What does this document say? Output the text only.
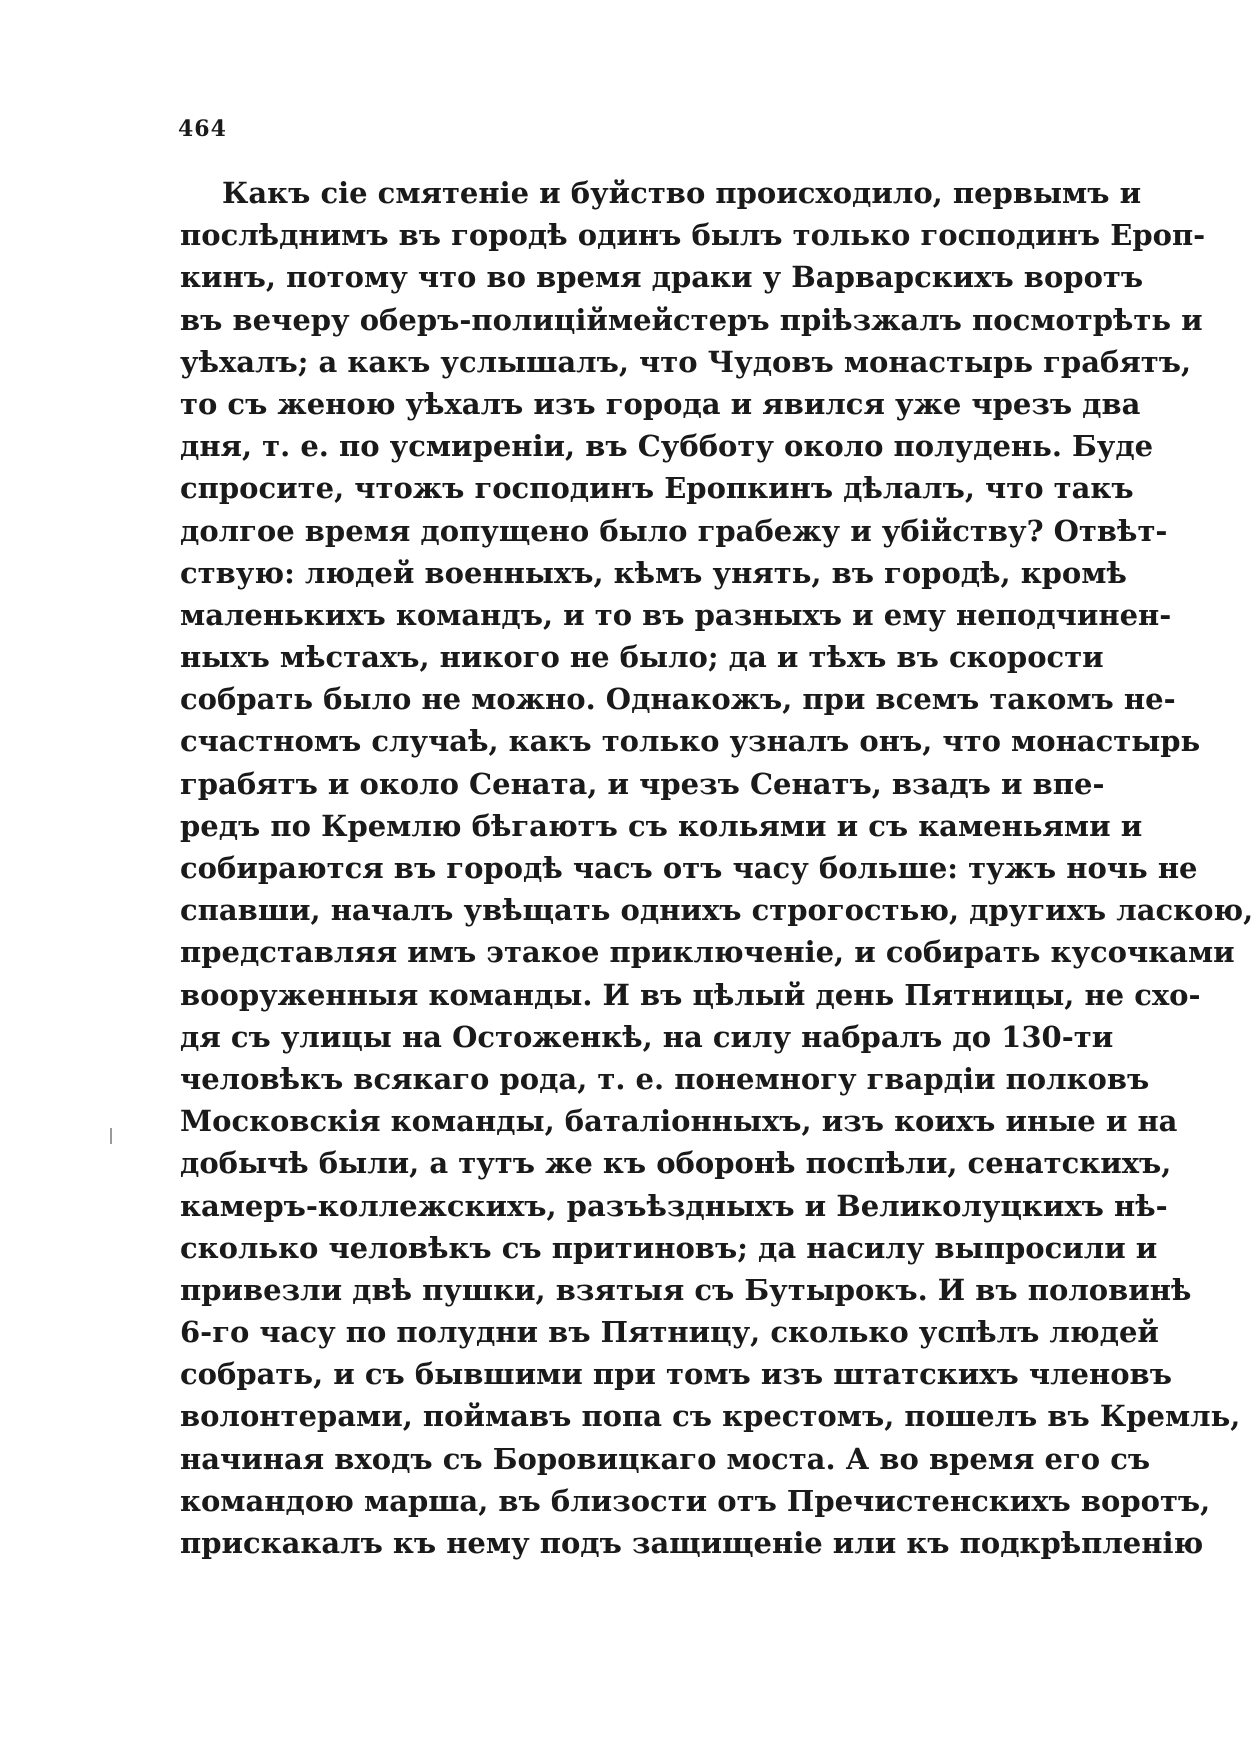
464
Какъ сіе смятеніе и буйство происходило, первымъ и
послѣднимъ въ городѣ одинъ былъ только господинъ Ероп-
кинъ, потому что во время драки у Варварскихъ воротъ
въ вечеру оберъ-полиціймейстеръ пріѣзжалъ посмотрѣть и
уѣхалъ; а какъ услышалъ, что Чудовъ монастырь грабятъ,
то съ женою уѣхалъ изъ города и явился уже чрезъ два
дня, т. е. по усмиреніи, въ Субботу около полудень. Буде
спросите, чтожъ господинъ Еропкинъ дѣлалъ, что такъ
долгое время допущено было грабежу и убійству? Отвѣт-
ствую: людей военныхъ, кѣмъ унять, въ городѣ, кромѣ
маленькихъ командъ, и то въ разныхъ и ему неподчинен-
ныхъ мѣстахъ, никого не было; да и тѣхъ въ скорости
собрать было не можно. Однакожъ, при всемъ такомъ не-
счастномъ случаѣ, какъ только узналъ онъ, что монастырь
грабятъ и около Сената, и чрезъ Сенатъ, взадъ и впе-
редъ по Кремлю бѣгаютъ съ кольями и съ каменьями и
собираются въ городѣ часъ отъ часу больше: тужъ ночь не
спавши, началъ увѣщать однихъ строгостью, другихъ ласкою,
представляя имъ этакое приключеніе, и собирать кусочками
вооруженныя команды. И въ цѣлый день Пятницы, не схо-
дя съ улицы на Остоженкѣ, на силу набралъ до 130-ти
человѣкъ всякаго рода, т. е. понемногу гвардіи полковъ
Московскія команды, баталіонныхъ, изъ коихъ иные и на
добычѣ были, а тутъ же къ оборонѣ поспѣли, сенатскихъ,
камеръ-коллежскихъ, разъѣздныхъ и Великолуцкихъ нѣ-
сколько человѣкъ съ притиновъ; да насилу выпросили и
привезли двѣ пушки, взятыя съ Бутырокъ. И въ половинѣ
6-го часу по полудни въ Пятницу, сколько успѣлъ людей
собрать, и съ бывшими при томъ изъ штатскихъ членовъ
волонтерами, поймавъ попа съ крестомъ, пошелъ въ Кремль,
начиная входъ съ Боровицкаго моста. А во время его съ
командою марша, въ близости отъ Пречистенскихъ воротъ,
прискакалъ къ нему подъ защищеніе или къ подкрѣпленію
